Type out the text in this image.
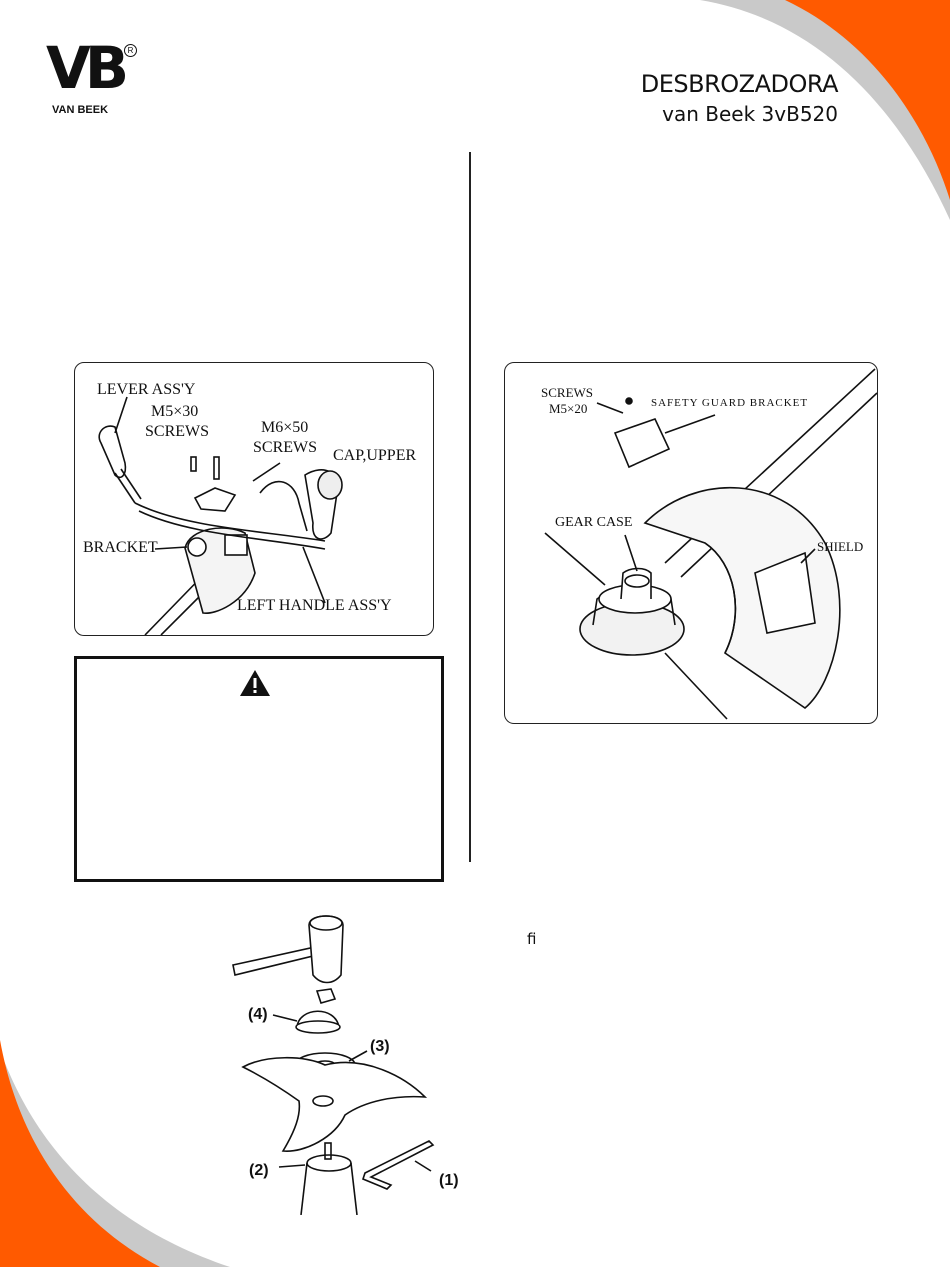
VB R
VAN BEEK
DESBROZADORA
van Beek 3vB520
LEVER ASS'Y
M5×30
SCREWS	M6×50
SCREWS CAP,UPPER
BRACKET
LEFT HANDLE ASS'Y
SCREWS
M5×20	SAFETY GUARD BRACKET
GEAR CASE
SHIELD
(4)
(3)
(2)
(1)
ﬁ
